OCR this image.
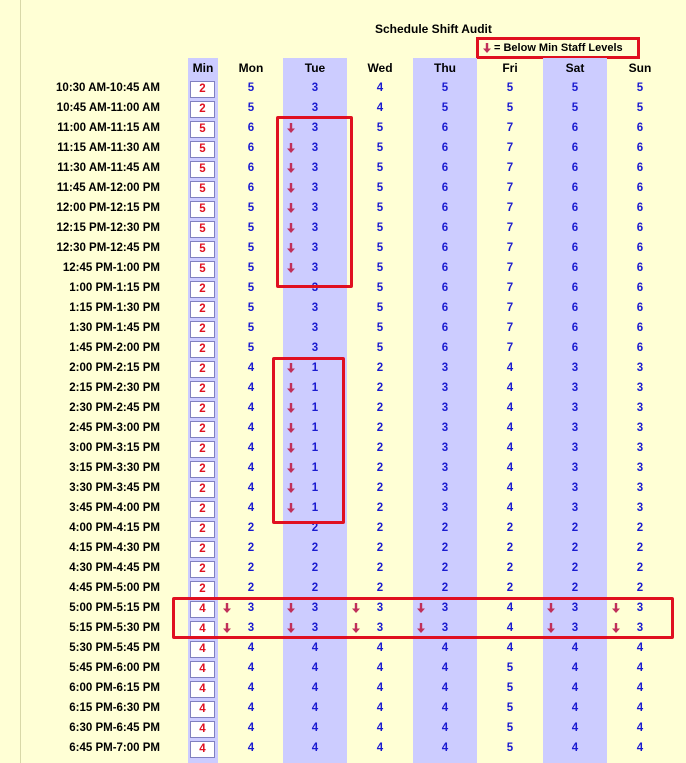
Schedule Shift Audit
= Below Min Staff Levels
Min	Mon	Tue	Wed	Thu	Fri	Sat	Sun
10:30 AM-10:45 AM	2	5	3	4	5	5	5	5
10:45 AM-11:00 AM	2	5	3	4	5	5	5	5
11:00 AM-11:15 AM	5	6	3	5	6	7	6	6
11:15 AM-11:30 AM	5	6	3	5	6	7	6	6
11:30 AM-11:45 AM	5	6	3	5	6	7	6	6
11:45 AM-12:00 PM	5	6	3	5	6	7	6	6
12:00 PM-12:15 PM	5	5	3	5	6	7	6	6
12:15 PM-12:30 PM	5	5	3	5	6	7	6	6
12:30 PM-12:45 PM	5	5	3	5	6	7	6	6
12:45 PM-1:00 PM	5	5	3	5	6	7	6	6
1:00 PM-1:15 PM	2	5	3	5	6	7	6	6
1:15 PM-1:30 PM	2	5	3	5	6	7	6	6
1:30 PM-1:45 PM	2	5	3	5	6	7	6	6
1:45 PM-2:00 PM	2	5	3	5	6	7	6	6
2:00 PM-2:15 PM	2	4	1	2	3	4	3	3
2:15 PM-2:30 PM	2	4	1	2	3	4	3	3
2:30 PM-2:45 PM	2	4	1	2	3	4	3	3
2:45 PM-3:00 PM	2	4	1	2	3	4	3	3
3:00 PM-3:15 PM	2	4	1	2	3	4	3	3
3:15 PM-3:30 PM	2	4	1	2	3	4	3	3
3:30 PM-3:45 PM	2	4	1	2	3	4	3	3
3:45 PM-4:00 PM	2	4	1	2	3	4	3	3
4:00 PM-4:15 PM	2	2	2	2	2	2	2	2
4:15 PM-4:30 PM	2	2	2	2	2	2	2	2
4:30 PM-4:45 PM	2	2	2	2	2	2	2	2
4:45 PM-5:00 PM	2	2	2	2	2	2	2	2
5:00 PM-5:15 PM	4	3	3	3	3	4	3	3
5:15 PM-5:30 PM	4	3	3	3	3	4	3	3
5:30 PM-5:45 PM	4	4	4	4	4	4	4	4
5:45 PM-6:00 PM	4	4	4	4	4	5	4	4
6:00 PM-6:15 PM	4	4	4	4	4	5	4	4
6:15 PM-6:30 PM	4	4	4	4	4	5	4	4
6:30 PM-6:45 PM	4	4	4	4	4	5	4	4
6:45 PM-7:00 PM	4	4	4	4	4	5	4	4
